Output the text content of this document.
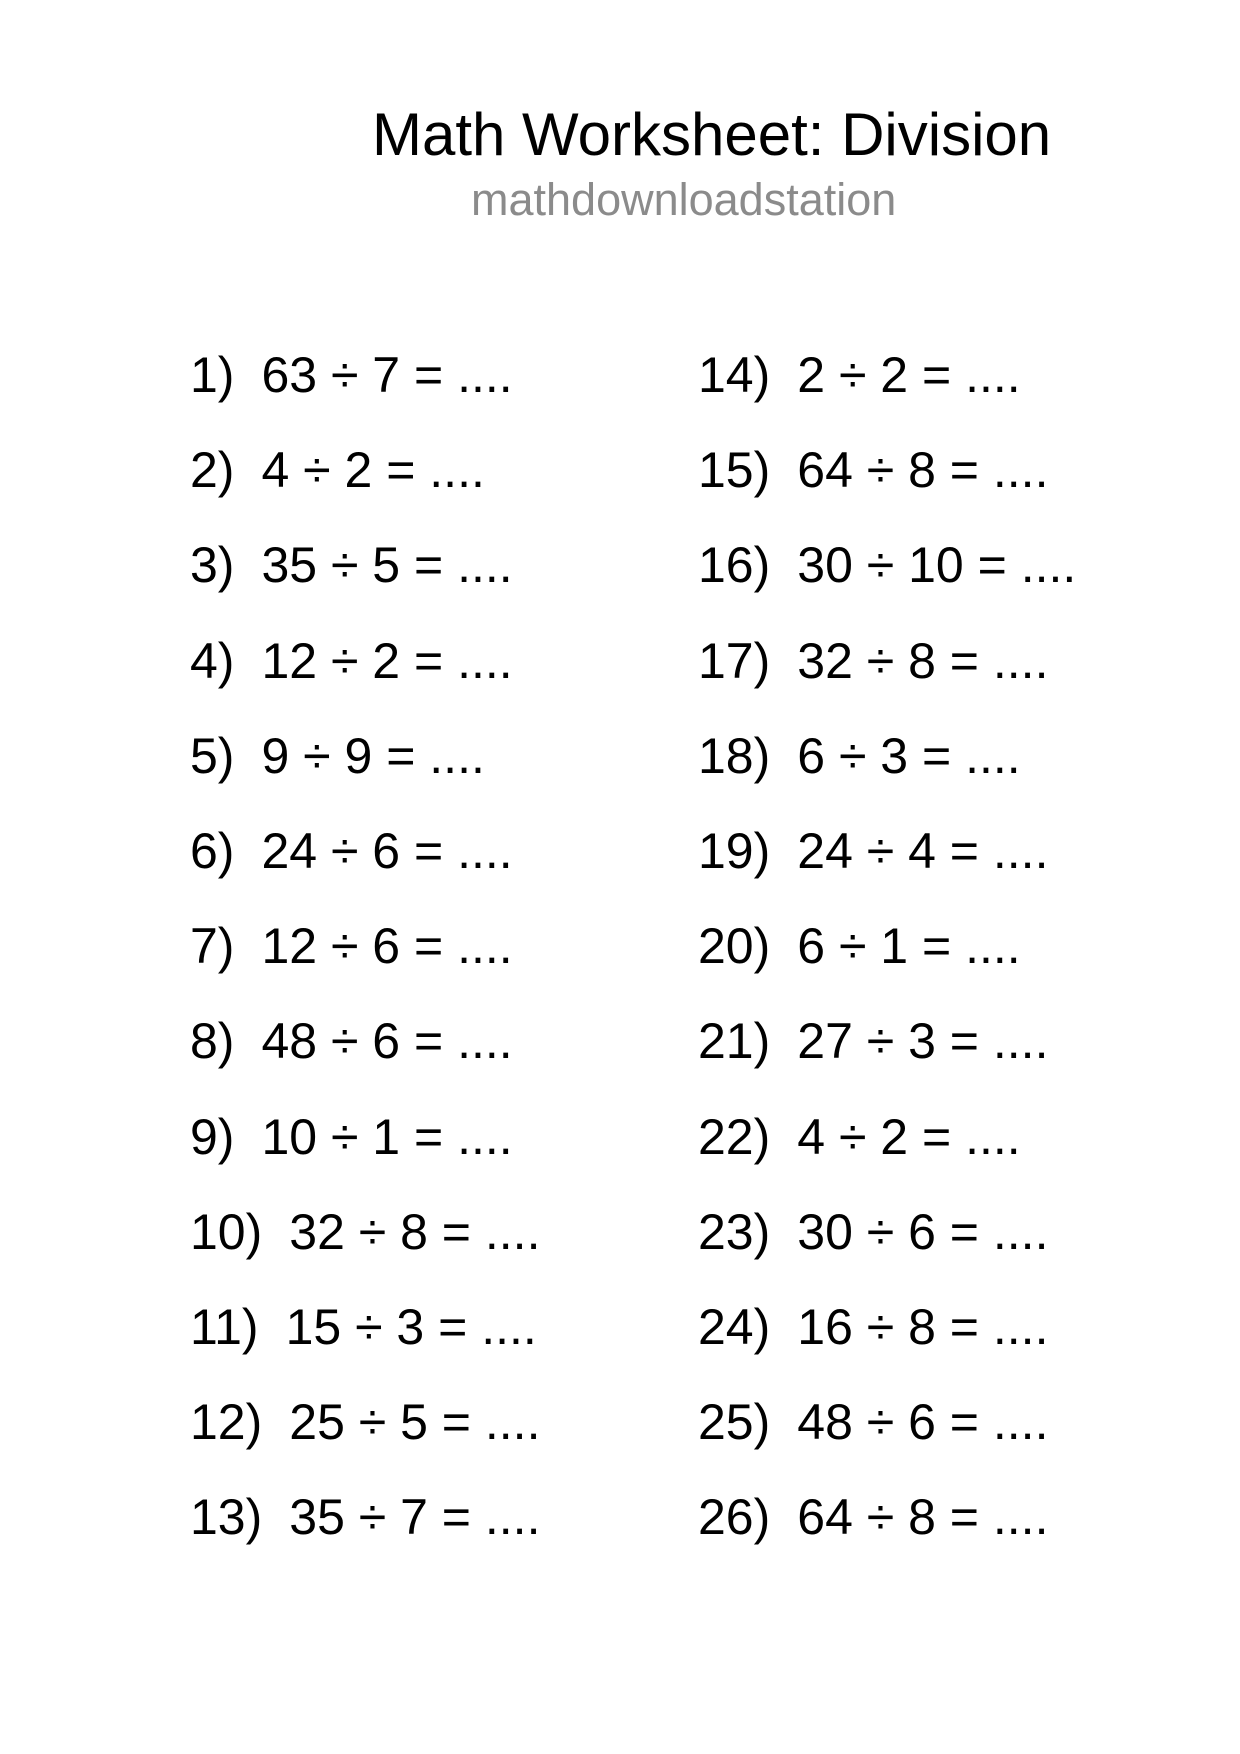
Math Worksheet: Division
mathdownloadstation
1) 63 ÷ 7 = ....
2) 4 ÷ 2 = ....
3) 35 ÷ 5 = ....
4) 12 ÷ 2 = ....
5) 9 ÷ 9 = ....
6) 24 ÷ 6 = ....
7) 12 ÷ 6 = ....
8) 48 ÷ 6 = ....
9) 10 ÷ 1 = ....
10) 32 ÷ 8 = ....
11) 15 ÷ 3 = ....
12) 25 ÷ 5 = ....
13) 35 ÷ 7 = ....
14) 2 ÷ 2 = ....
15) 64 ÷ 8 = ....
16) 30 ÷ 10 = ....
17) 32 ÷ 8 = ....
18) 6 ÷ 3 = ....
19) 24 ÷ 4 = ....
20) 6 ÷ 1 = ....
21) 27 ÷ 3 = ....
22) 4 ÷ 2 = ....
23) 30 ÷ 6 = ....
24) 16 ÷ 8 = ....
25) 48 ÷ 6 = ....
26) 64 ÷ 8 = ....
